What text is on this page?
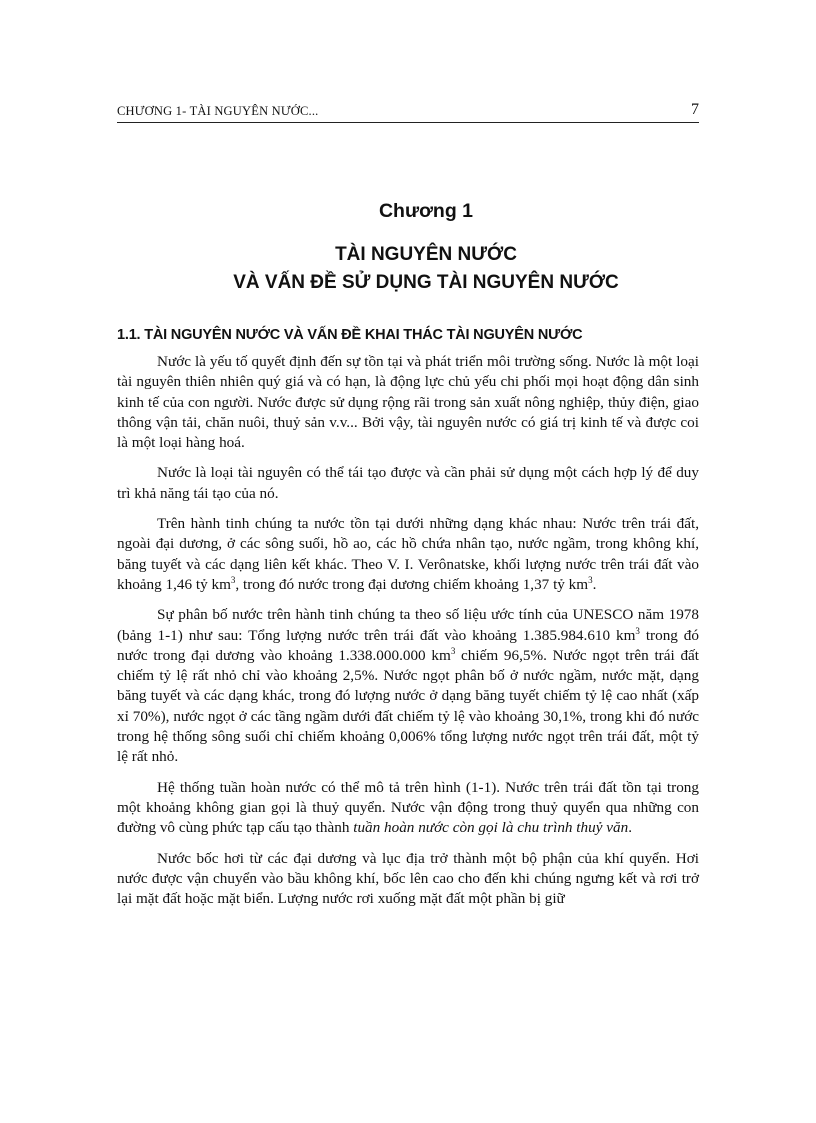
CHƯƠNG 1- TÀI NGUYÊN NƯỚC...	7
Chương 1
TÀI NGUYÊN NƯỚC
VÀ VẤN ĐỀ SỬ DỤNG TÀI NGUYÊN NƯỚC
1.1. TÀI NGUYÊN NƯỚC VÀ VẤN ĐỀ KHAI THÁC TÀI NGUYÊN NƯỚC

Nước là yếu tố quyết định đến sự tồn tại và phát triển môi trường sống. Nước là một loại tài nguyên thiên nhiên quý giá và có hạn, là động lực chủ yếu chi phối mọi hoạt động dân sinh kinh tế của con người. Nước được sử dụng rộng rãi trong sản xuất nông nghiệp, thủy điện, giao thông vận tải, chăn nuôi, thuỷ sản v.v... Bởi vậy, tài nguyên nước có giá trị kinh tế và được coi là một loại hàng hoá.

Nước là loại tài nguyên có thể tái tạo được và cần phải sử dụng một cách hợp lý để duy trì khả năng tái tạo của nó.

Trên hành tinh chúng ta nước tồn tại dưới những dạng khác nhau: Nước trên trái đất, ngoài đại dương, ở các sông suối, hồ ao, các hồ chứa nhân tạo, nước ngầm, trong không khí, băng tuyết và các dạng liên kết khác. Theo V. I. Verônatske, khối lượng nước trên trái đất vào khoảng 1,46 tỷ $km^3$, trong đó nước trong đại dương chiếm khoảng 1,37 tỷ $km^3$.

Sự phân bố nước trên hành tinh chúng ta theo số liệu ước tính của UNESCO năm 1978 (bảng 1-1) như sau: Tổng lượng nước trên trái đất vào khoảng 1.385.984.610 $km^3$ trong đó nước trong đại dương vào khoảng 1.338.000.000 $km^3$ chiếm 96,5%. Nước ngọt trên trái đất chiếm tỷ lệ rất nhỏ chỉ vào khoảng 2,5%. Nước ngọt phân bố ở nước ngầm, nước mặt, dạng băng tuyết và các dạng khác, trong đó lượng nước ở dạng băng tuyết chiếm tỷ lệ cao nhất (xấp xỉ 70%), nước ngọt ở các tầng ngầm dưới đất chiếm tỷ lệ vào khoảng 30,1%, trong khi đó nước trong hệ thống sông suối chỉ chiếm khoảng 0,006% tổng lượng nước ngọt trên trái đất, một tỷ lệ rất nhỏ.

Hệ thống tuần hoàn nước có thể mô tả trên hình (1-1). Nước trên trái đất tồn tại trong một khoảng không gian gọi là thuỷ quyển. Nước vận động trong thuỷ quyển qua những con đường vô cùng phức tạp cấu tạo thành tuần hoàn nước còn gọi là chu trình thuỷ văn.

Nước bốc hơi từ các đại dương và lục địa trở thành một bộ phận của khí quyển. Hơi nước được vận chuyển vào bầu không khí, bốc lên cao cho đến khi chúng ngưng kết và rơi trở lại mặt đất hoặc mặt biển. Lượng nước rơi xuống mặt đất một phần bị giữ
